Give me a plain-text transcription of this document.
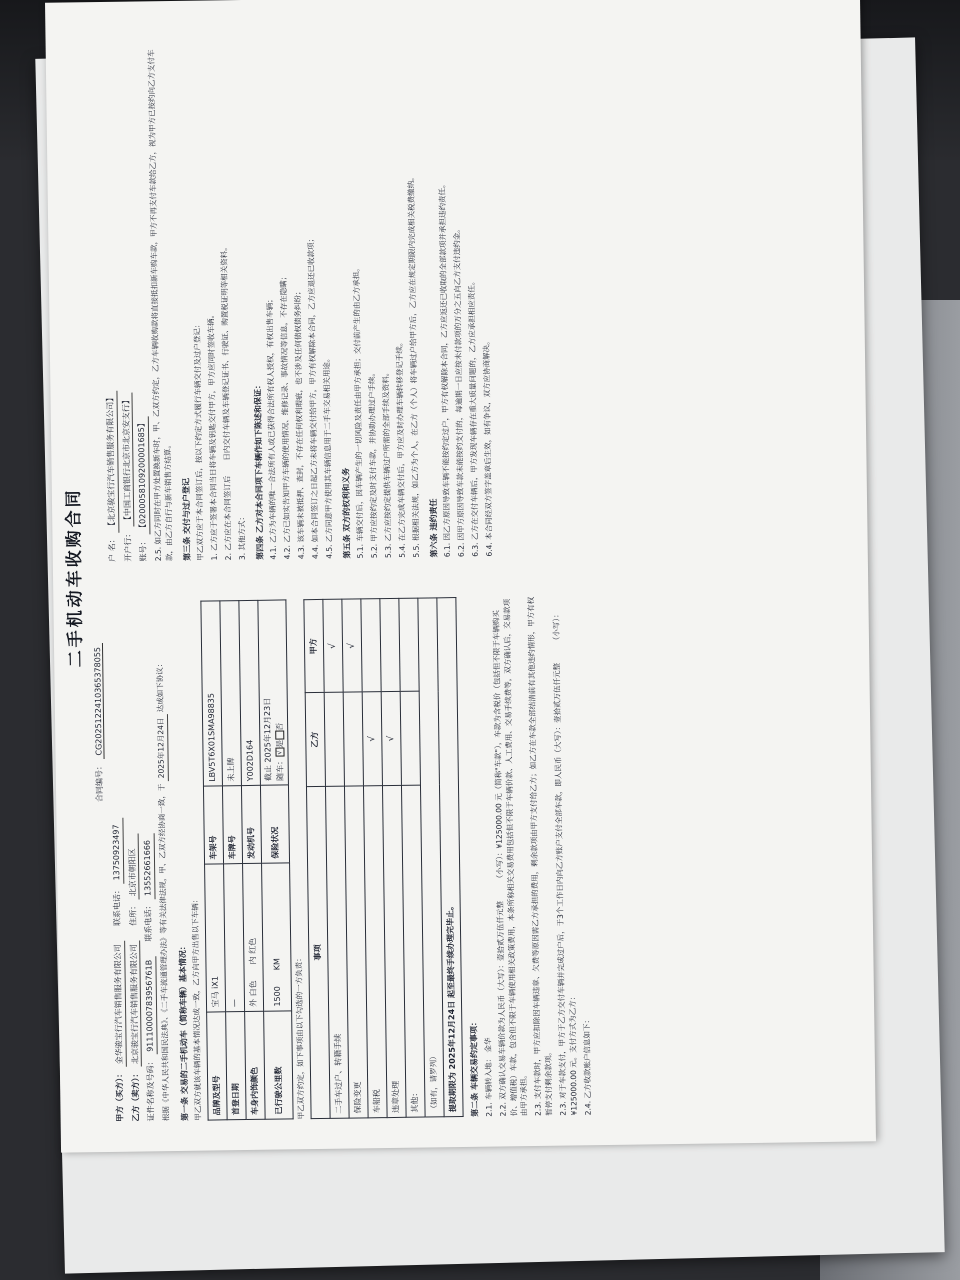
二手机动车收购合同
合同编号： CG2025122410365378055

甲方（买方）： 金华骏宝行汽车销售服务有限公司      联系电话： 13750923497

乙方（卖方）： 北京骏宝行汽车销售服务有限公司      住所： 北京市朝阳区

证件名称及号码： 91110000783956761B      联系电话： 13552661666 根据《中华人民共和国民法典》、《二手车流通管理办法》等有关法律法规，甲、乙双方经协商一致，于 2025年12月24日 达成如下协议：

第一条 交易的二手机动车（简称车辆）基本情况： 甲乙双方就该车辆的基本情况达成一致，乙方向甲方出售以下车辆： 品牌及型号	宝马 iX1	车架号	LBV5T6X01SMA98835
首登日期	—	车牌号	未上牌
车身内饰颜色	外 白色　　内 红色	发动机号	Y002D164
已行驶公里数	1500　　KM	保险状况	截止 2025年12月23日
随车：√是否

甲乙双方约定，如下事项由以下勾选的一方负责：

事项	乙方	甲方
二手车过户、转籍手续		√
保险变更		√
车船税	√	
违章处理	√	
其他：		
（如有，请罗列）		
提取期限为 2025年12月24日 起至最终手续办理完毕止。			第二条 车辆交易约定事项： 2.1. 车辆转入地： 金华

2.2. 双方确认交易车辆价款为人民币（大写）：壹拾贰万伍仟元整　　　（小写）：¥125000.00 元（简称"车款"），车款为含税价（包括但不限于车辆购买价、增值税）车款，包含但不限于车辆使用相关政策费用，本条所称相关交易费用包括但不限于车辆价款、人工费用、交易手续费等，双方确认后，交易款项由甲方承担。

2.3. 支付车款时，甲方应扣除因车辆违章、欠费等原因需乙方承担的费用，剩余款项由甲方支付给乙方；如乙方在车款全部结清前有其他违约情形，甲方有权暂停支付剩余款项。

2.3. 对于车款支付，甲方于乙方交付车辆并完成过户后，于3个工作日内向乙方账户支付全部车款，即人民币（大写）：壹拾贰万伍仟元整　　　（小写）：¥125000.00 元。支付方式为乙方： 2.4. 乙方收款账户信息如下：

户 名： 【北京骏宝行汽车销售服务有限公司】

开户行： 【中国工商银行北京市北京安支行】

账号： 【0200058109200001685】

2.5. 如乙方同时在甲方处置换新车时，甲、乙双方约定，乙方车辆收购款将直接抵扣新车购车款，甲方不再支付车款给乙方，视为甲方已按约向乙方支付车款，由乙方自行与新车销售方结算。 第三条 交付与过户登记 甲乙双方应于本合同签订后，按以下约定方式履行车辆交付及过户登记： 1. 乙方应于签署本合同当日将车辆及钥匙交付甲方，甲方应同时签收车辆。 2. 乙方应在本合同签订后　　日内交付车辆及车辆登记证书、行驶证、购置税证明等相关资料。 3. 其他方式： 第四条 乙方对本合同项下车辆作如下陈述和保证： 4.1. 乙方为车辆的唯一合法所有人或已获得合法所有权人授权，有权出售车辆； 4.2. 乙方已如实告知甲方车辆的使用情况、维修记录、事故情况等信息，不存在隐瞒； 4.3. 该车辆未被抵押、查封，不存在任何权利瑕疵，也不涉及任何债权债务纠纷； 4.4. 如本合同签订之日起乙方未将车辆交付给甲方，甲方有权解除本合同，乙方应退还已收款项； 4.5. 乙方同意甲方使用其车辆信息用于二手车交易相关用途。 第五条 双方的权利和义务 5.1. 车辆交付后，因车辆产生的一切风险及责任由甲方承担；交付前产生的由乙方承担。 5.2. 甲方应按约定及时支付车款，并协助办理过户手续。 5.3. 乙方应按约定提供车辆过户所需的全部手续及资料。 5.4. 在乙方完成车辆交付后，甲方应及时办理车辆转移登记手续。 5.5. 根据相关法规，如乙方为个人，在乙方（个人）将车辆过户给甲方后，乙方应在规定期限内完成相关税费缴纳。	第六条 违约责任 6.1. 因乙方原因导致车辆不能按约定过户，甲方有权解除本合同，乙方应返还已收取的全部款项并承担违约责任。 6.2. 因甲方原因导致车款未能按约支付的，每逾期一日应按未付款项的万分之五向乙方支付违约金。 6.3. 乙方在交付车辆后，甲方发现车辆存在重大质量问题的，乙方应承担相应责任。 6.4. 本合同经双方签字盖章后生效，如有争议，双方应协商解决。
